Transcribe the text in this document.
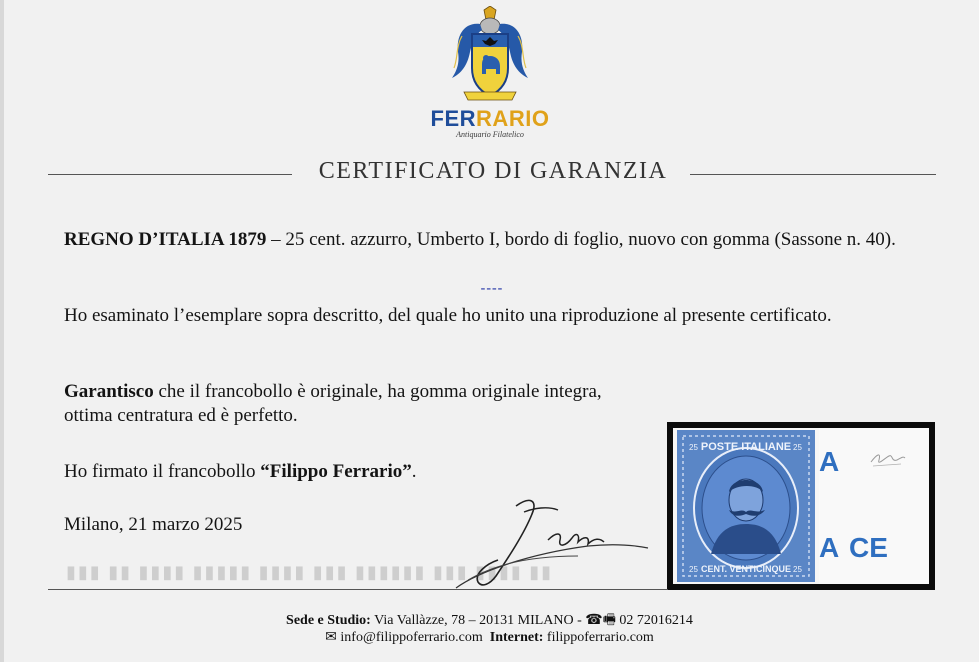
FERRARIO
Antiquario Filatelico
CERTIFICATO DI GARANZIA

REGNO D’ITALIA 1879 – 25 cent. azzurro, Umberto I, bordo di foglio, nuovo con gomma (Sassone n. 40).

----

Ho esaminato l’esemplare sopra descritto, del quale ho unito una riproduzione al presente certificato.

Garantisco che il francobollo è originale, ha gomma originale integra,
ottima centratura ed è perfetto.

Ho firmato il francobollo “Filippo Ferrario”.

Milano, 21 marzo 2025

▮▮▮ ▮▮ ▮▮▮▮ ▮▮▮▮▮ ▮▮▮▮ ▮▮▮ ▮▮▮▮▮▮ ▮▮▮ ▮▮▮▮ ▮▮
POSTE ITALIANE
CENT. VENTICINQUE
25	25
25	25
A
A CE
Sede e Studio: Via Vallàzze, 78 – 20131 MILANO - ☎🖷 02 72016214
✉ info@filippoferrario.com Internet: filippoferrario.com
